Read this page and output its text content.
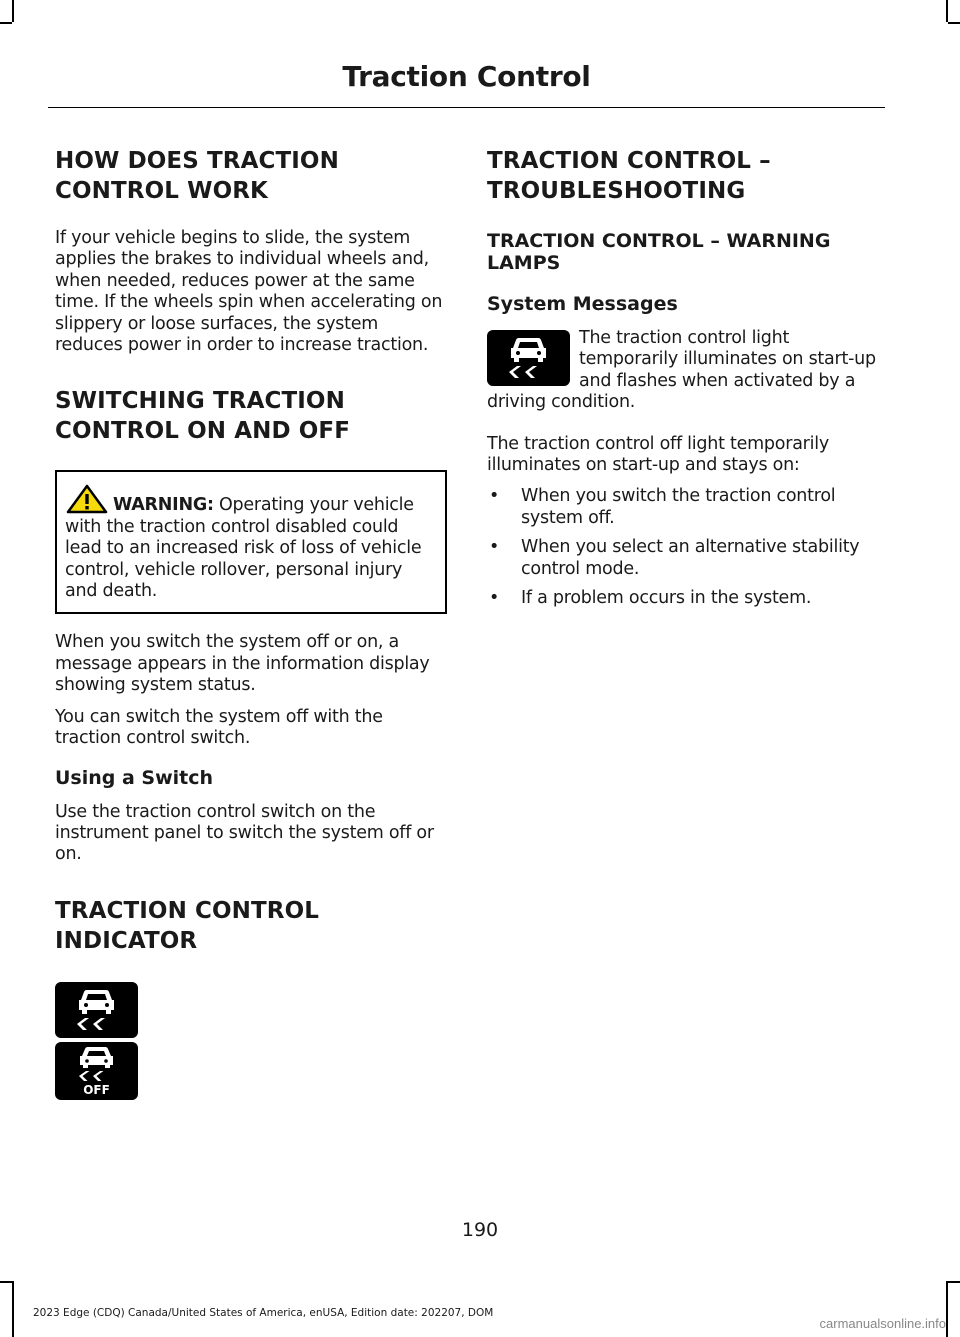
Traction Control
HOW DOES TRACTION
CONTROL WORK

If your vehicle begins to slide, the system applies the brakes to individual wheels and, when needed, reduces power at the same time. If the wheels spin when accelerating on slippery or loose surfaces, the system reduces power in order to increase traction.

SWITCHING TRACTION
CONTROL ON AND OFF

WARNING: Operating your vehicle with the traction control disabled could lead to an increased risk of loss of vehicle control, vehicle rollover, personal injury and death.

When you switch the system off or on, a message appears in the information display showing system status.

You can switch the system off with the traction control switch.

Using a Switch

Use the traction control switch on the instrument panel to switch the system off or on.

TRACTION CONTROL
INDICATOR
OFF
TRACTION CONTROL –
TROUBLESHOOTING
TRACTION CONTROL – WARNING LAMPS
System Messages

The traction control light temporarily illuminates on start-up and flashes when activated by a driving condition.

The traction control off light temporarily illuminates on start-up and stays on:

• When you switch the traction control system off.
• When you select an alternative stability control mode.
• If a problem occurs in the system.
190
2023 Edge (CDQ) Canada/United States of America, enUSA, Edition date: 202207, DOM
carmanualsonline.info
